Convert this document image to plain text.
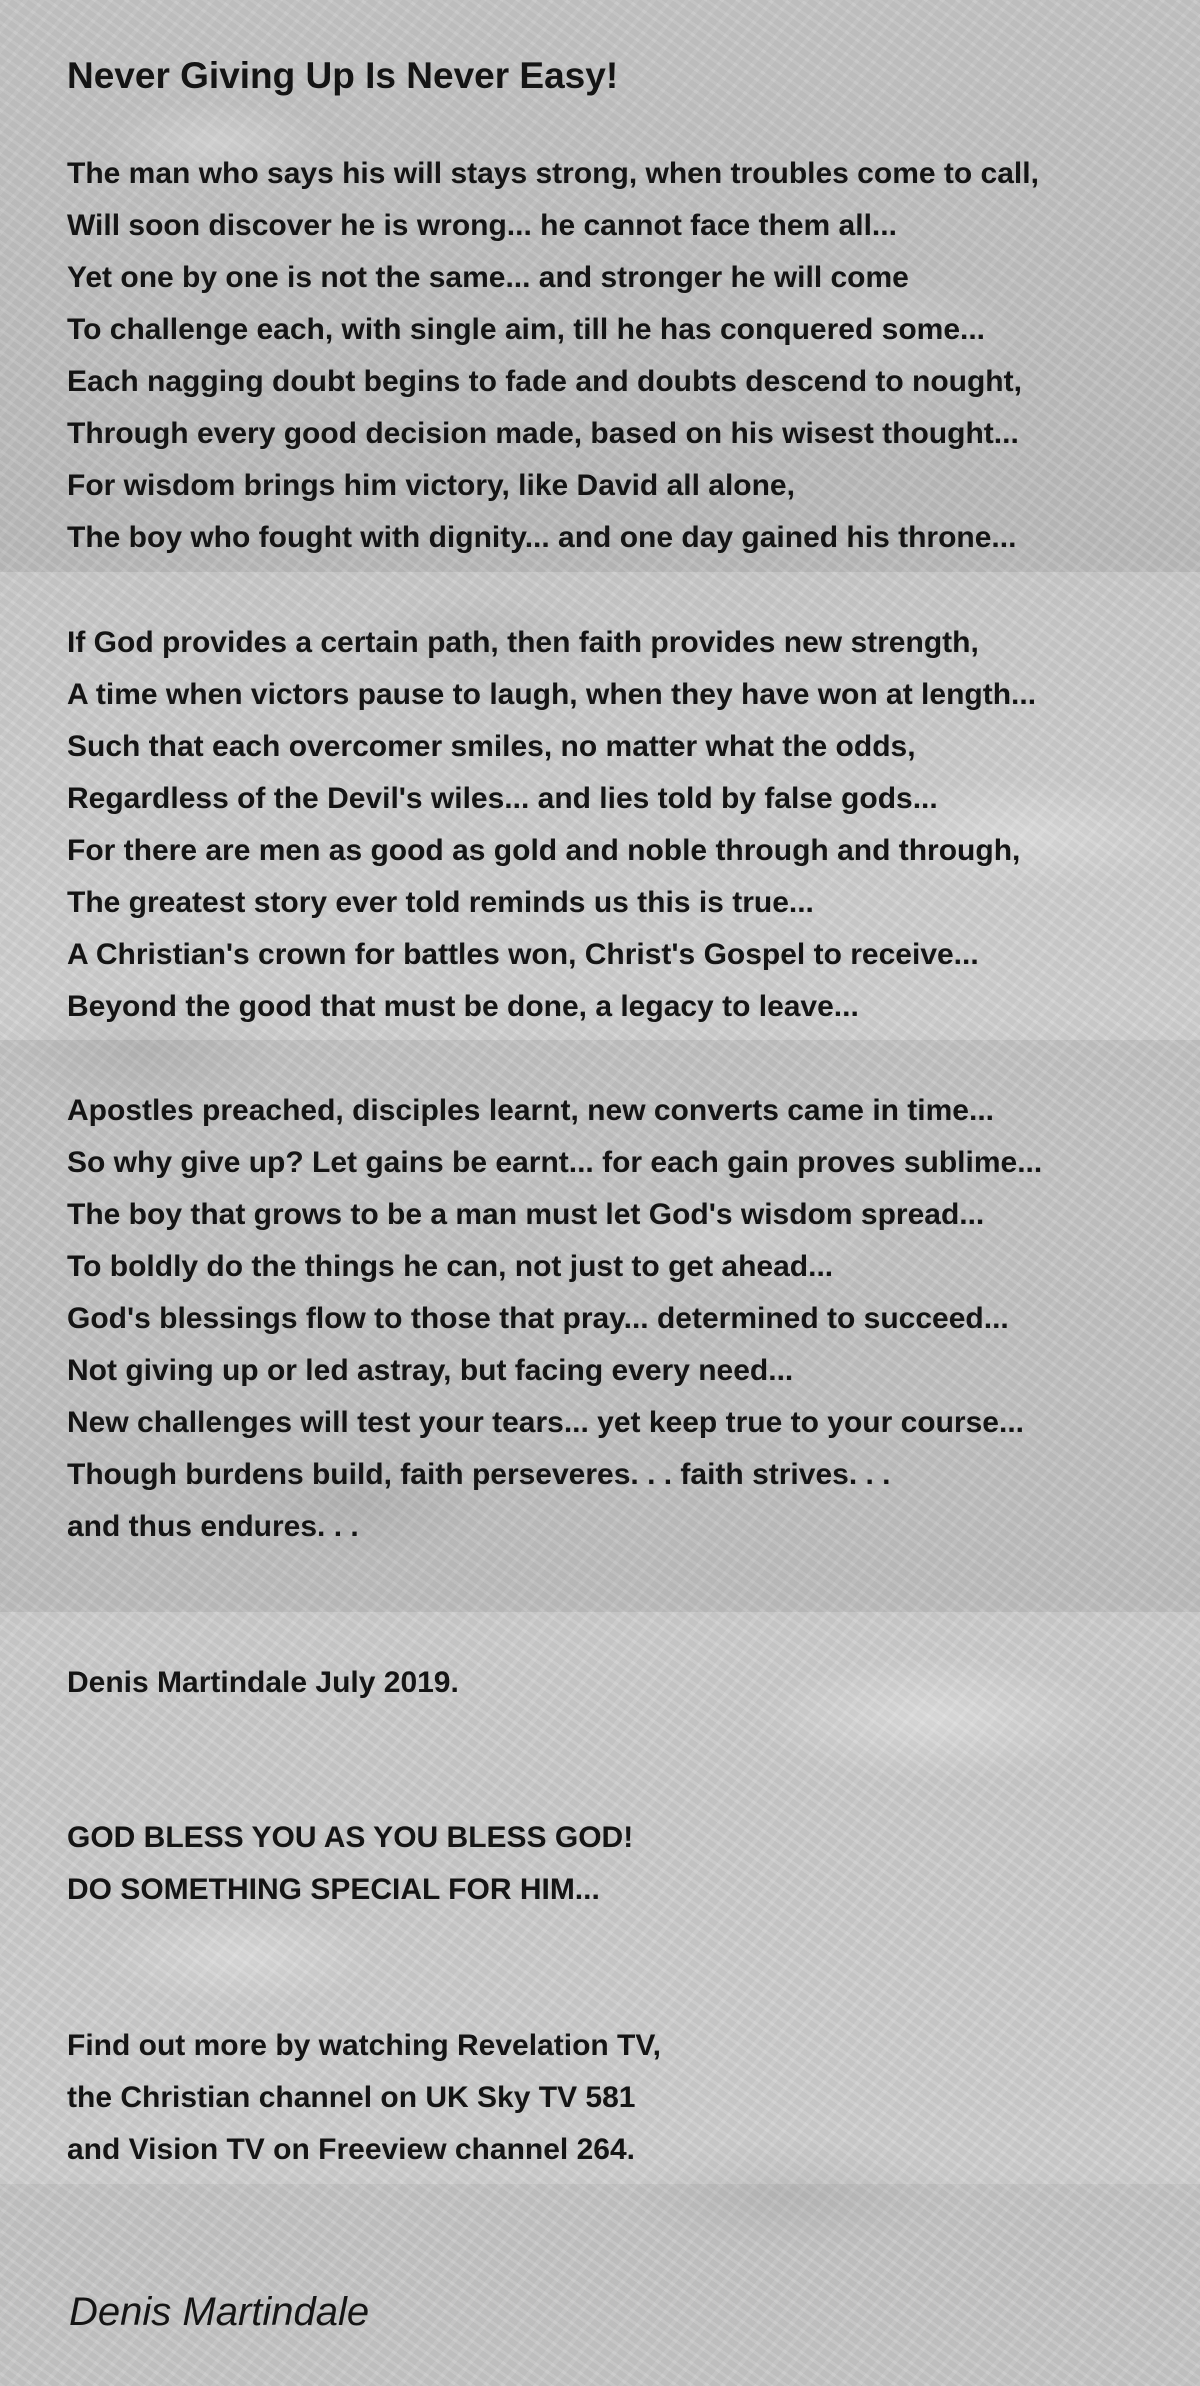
Never Giving Up Is Never Easy!
The man who says his will stays strong, when troubles come to call,
Will soon discover he is wrong... he cannot face them all...
Yet one by one is not the same... and stronger he will come
To challenge each, with single aim, till he has conquered some...
Each nagging doubt begins to fade and doubts descend to nought,
Through every good decision made, based on his wisest thought...
For wisdom brings him victory, like David all alone,
The boy who fought with dignity... and one day gained his throne...
If God provides a certain path, then faith provides new strength,
A time when victors pause to laugh, when they have won at length...
Such that each overcomer smiles, no matter what the odds,
Regardless of the Devil's wiles... and lies told by false gods...
For there are men as good as gold and noble through and through,
The greatest story ever told reminds us this is true...
A Christian's crown for battles won, Christ's Gospel to receive...
Beyond the good that must be done, a legacy to leave...
Apostles preached, disciples learnt, new converts came in time...
So why give up? Let gains be earnt... for each gain proves sublime...
The boy that grows to be a man must let God's wisdom spread...
To boldly do the things he can, not just to get ahead...
God's blessings flow to those that pray... determined to succeed...
Not giving up or led astray, but facing every need...
New challenges will test your tears... yet keep true to your course...
Though burdens build, faith perseveres. . . faith strives. . .
and thus endures. . .
Denis Martindale July 2019.
GOD BLESS YOU AS YOU BLESS GOD!
DO SOMETHING SPECIAL FOR HIM...
Find out more by watching Revelation TV,
the Christian channel on UK Sky TV 581
and Vision TV on Freeview channel 264.
Denis Martindale
